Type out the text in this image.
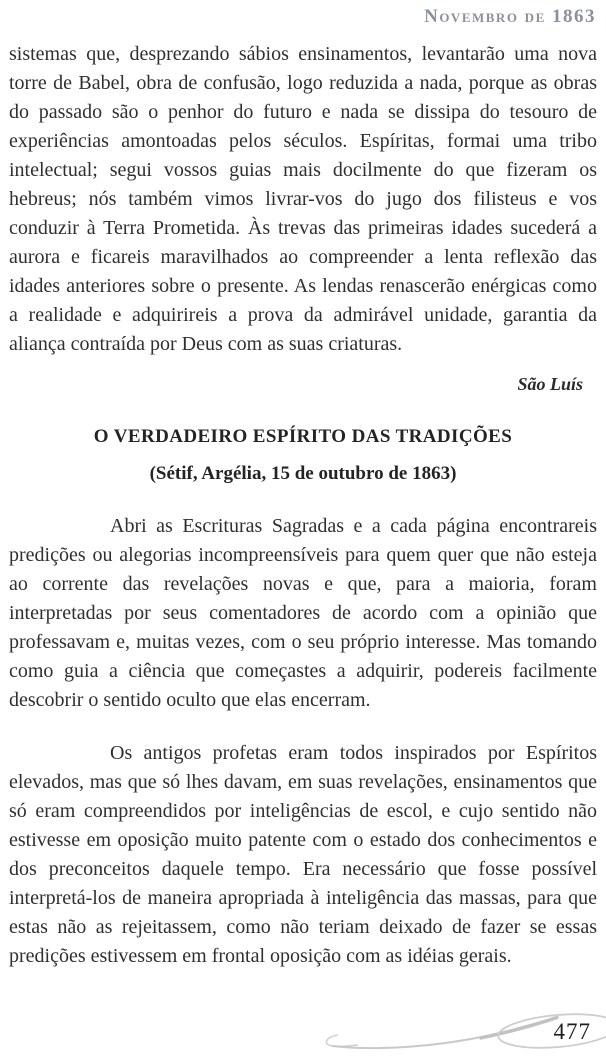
Novembro de 1863

sistemas que, desprezando sábios ensinamentos, levantarão uma nova torre de Babel, obra de confusão, logo reduzida a nada, porque as obras do passado são o penhor do futuro e nada se dissipa do tesouro de experiências amontoadas pelos séculos. Espíritas, formai uma tribo intelectual; segui vossos guias mais docilmente do que fizeram os hebreus; nós também vimos livrar-vos do jugo dos filisteus e vos conduzir à Terra Prometida. Às trevas das primeiras idades sucederá a aurora e ficareis maravilhados ao compreender a lenta reflexão das idades anteriores sobre o presente. As lendas renascerão enérgicas como a realidade e adquirireis a prova da admirável unidade, garantia da aliança contraída por Deus com as suas criaturas.

São Luís
O VERDADEIRO ESPÍRITO DAS TRADIÇÕES
(Sétif, Argélia, 15 de outubro de 1863)

Abri as Escrituras Sagradas e a cada página encontrareis predições ou alegorias incompreensíveis para quem quer que não esteja ao corrente das revelações novas e que, para a maioria, foram interpretadas por seus comentadores de acordo com a opinião que professavam e, muitas vezes, com o seu próprio interesse. Mas tomando como guia a ciência que começastes a adquirir, podereis facilmente descobrir o sentido oculto que elas encerram.

Os antigos profetas eram todos inspirados por Espíritos elevados, mas que só lhes davam, em suas revelações, ensinamentos que só eram compreendidos por inteligências de escol, e cujo sentido não estivesse em oposição muito patente com o estado dos conhecimentos e dos preconceitos daquele tempo. Era necessário que fosse possível interpretá-los de maneira apropriada à inteligência das massas, para que estas não as rejeitassem, como não teriam deixado de fazer se essas predições estivessem em frontal oposição com as idéias gerais.

477
